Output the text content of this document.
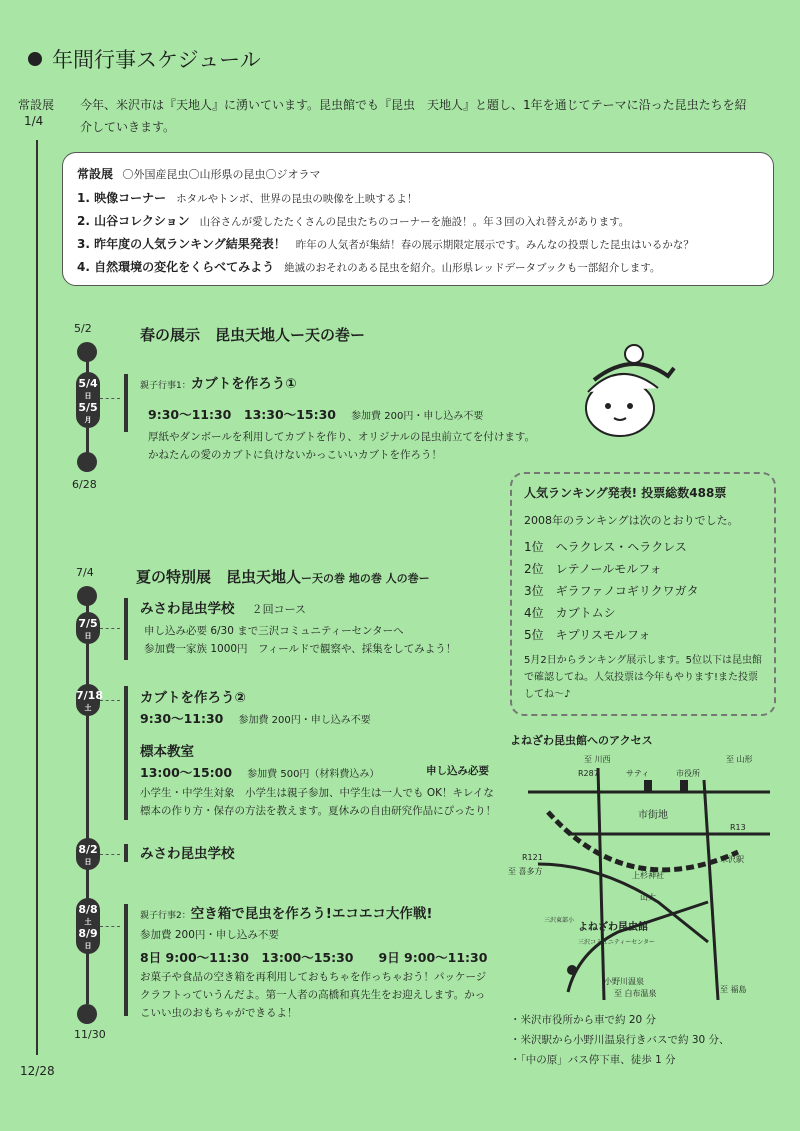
年間行事スケジュール
常設展
1/4
今年、米沢市は『天地人』に湧いています。昆虫館でも『昆虫　天地人』と題し、1年を通じてテーマに沿った昆虫たちを紹介していきます。
12/28
常設展 〇外国産昆虫〇山形県の昆虫〇ジオラマ
1. 映像コーナー ホタルやトンボ、世界の昆虫の映像を上映するよ！
2. 山谷コレクション 山谷さんが愛したたくさんの昆虫たちのコーナーを施設！。年３回の入れ替えがあります。
3. 昨年度の人気ランキング結果発表！ 昨年の人気者が集結！春の展示期限定展示です。みんなの投票した昆虫はいるかな？
4. 自然環境の変化をくらべてみよう 絶滅のおそれのある昆虫を紹介。山形県レッドデータブックも一部紹介します。
5/2	春の展示　昆虫天地人ー天の巻ー
5/4
日
5/5
月
6/28
親子行事1：カブトを作ろう①
9:30～11:30　13:30～15:30 参加費 200円・申し込み不要
厚紙やダンボールを利用してカブトを作り、オリジナルの昆虫前立てを付けます。
かねたんの愛のカブトに負けないかっこいいカブトを作ろう！
人気ランキング発表! 投票総数488票
2008年のランキングは次のとおりでした。
1位　 ヘラクレス・ヘラクレス
2位　 レテノールモルフォ
3位　 ギラファノコギリクワガタ
4位　 カブトムシ
5位　 キプリスモルフォ
5月2日からランキング展示します。5位以下は昆虫館で確認してね。人気投票は今年もやります!また投票してね～♪
7/4	夏の特別展　昆虫天地人ー天の巻 地の巻 人の巻ー
7/5
日
みさわ昆虫学校 ２回コース
申し込み必要 6/30 まで三沢コミュニティーセンターへ
参加費一家族 1000円　フィールドで観察や、採集をしてみよう！
7/18
土
カブトを作ろう②
9:30～11:30 参加費 200円・申し込み不要
標本教室
13:00～15:00 参加費 500円（材料費込み）	申し込み必要
小学生・中学生対象　小学生は親子参加、中学生は一人でも OK！キレイな
標本の作り方・保存の方法を教えます。夏休みの自由研究作品にぴったり！
8/2
日	みさわ昆虫学校
8/8
土
8/9
日
親子行事2：空き箱で昆虫を作ろう!エコエコ大作戦!
参加費 200円・申し込み不要
8日 9:00～11:30　13:00～15:30　　9日 9:00～11:30
お菓子や食品の空き箱を再利用しておもちゃを作っちゃおう！パッケージ
クラフトっていうんだよ。第一人者の高橋和真先生をお迎えします。かっ
こいい虫のおもちゃができるよ！
11/30
よねざわ昆虫館へのアクセス
至 川西
R287	サティ	市役所
至 山形
市街地
R13
R121
至 喜多方
米沢駅
上杉神社
山大
よねざわ昆虫館
三沢コミュニティーセンター
三沢東部小
小野川温泉
至 白布温泉	至 福島
・米沢市役所から車で約 20 分
・米沢駅から小野川温泉行きバスで約 30 分、
・「中の原」バス停下車、徒歩 1 分
